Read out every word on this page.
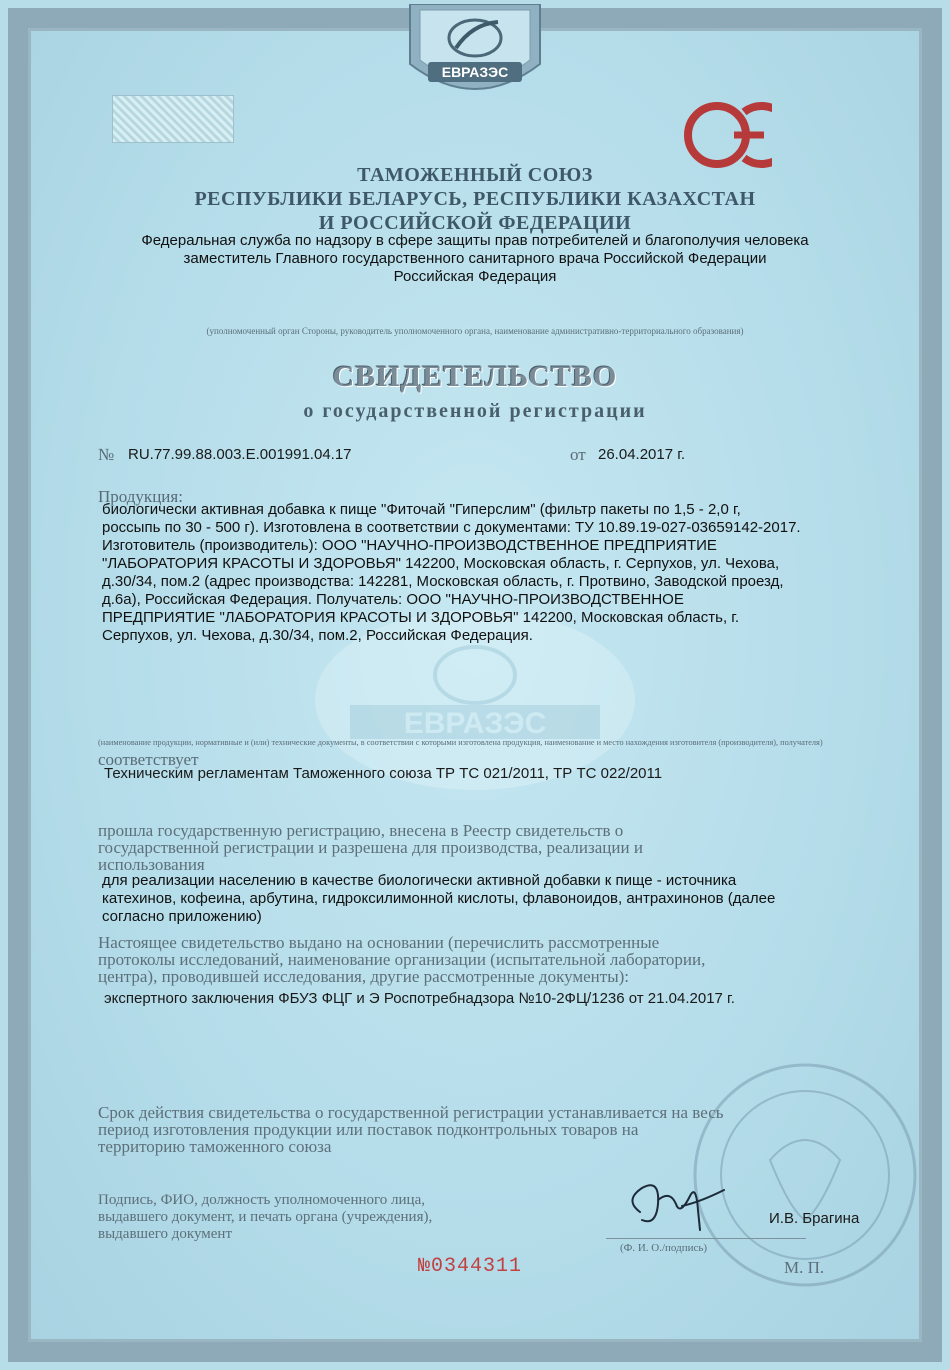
ЕВРАЗЭС
ТАМОЖЕННЫЙ СОЮЗ
РЕСПУБЛИКИ БЕЛАРУСЬ, РЕСПУБЛИКИ КАЗАХСТАН
И РОССИЙСКОЙ ФЕДЕРАЦИИ
Федеральная служба по надзору в сфере защиты прав потребителей и благополучия человека
заместитель Главного государственного санитарного врача Российской Федерации
Российская Федерация
(уполномоченный орган Стороны, руководитель уполномоченного органа, наименование административно-территориального образования)
СВИДЕТЕЛЬСТВО
о государственной регистрации
№ RU.77.99.88.003.E.001991.04.17	от 26.04.2017 г.
ЕВРАЗЭС
Продукция:
биологически активная добавка к пище "Фиточай "Гиперслим" (фильтр пакеты по 1,5 - 2,0 г,
россыпь по 30 - 500 г). Изготовлена в соответствии с документами: ТУ 10.89.19-027-03659142-2017.
Изготовитель (производитель): ООО "НАУЧНО-ПРОИЗВОДСТВЕННОЕ ПРЕДПРИЯТИЕ
"ЛАБОРАТОРИЯ КРАСОТЫ И ЗДОРОВЬЯ" 142200, Московская область, г. Серпухов, ул. Чехова,
д.30/34, пом.2 (адрес производства: 142281, Московская область, г. Протвино, Заводской проезд,
д.6а), Российская Федерация. Получатель: ООО "НАУЧНО-ПРОИЗВОДСТВЕННОЕ
ПРЕДПРИЯТИЕ "ЛАБОРАТОРИЯ КРАСОТЫ И ЗДОРОВЬЯ" 142200, Московская область, г.
Серпухов, ул. Чехова, д.30/34, пом.2, Российская Федерация.
(наименование продукции, нормативные и (или) технические документы, в соответствии с которыми изготовлена продукция, наименование и место нахождения изготовителя (производителя), получателя)
соответствует
Техническим регламентам Таможенного союза ТР ТС 021/2011, ТР ТС 022/2011
прошла государственную регистрацию, внесена в Реестр свидетельств о
государственной регистрации и разрешена для производства, реализации и
использования
для реализации населению в качестве биологически активной добавки к пище - источника
катехинов, кофеина, арбутина, гидроксилимонной кислоты, флавоноидов, антрахинонов (далее
согласно приложению)
Настоящее свидетельство выдано на основании (перечислить рассмотренные
протоколы исследований, наименование организации (испытательной лаборатории,
центра), проводившей исследования, другие рассмотренные документы):
экспертного заключения ФБУЗ ФЦГ и Э Роспотребнадзора №10-2ФЦ/1236 от 21.04.2017 г.
Срок действия свидетельства о государственной регистрации устанавливается на весь
период изготовления продукции или поставок подконтрольных товаров на
территорию таможенного союза
Подпись, ФИО, должность уполномоченного лица,
выдавшего документ, и печать органа (учреждения),
выдавшего документ
И.В. Брагина
(Ф. И. О./подпись)
№0344311	М. П.
